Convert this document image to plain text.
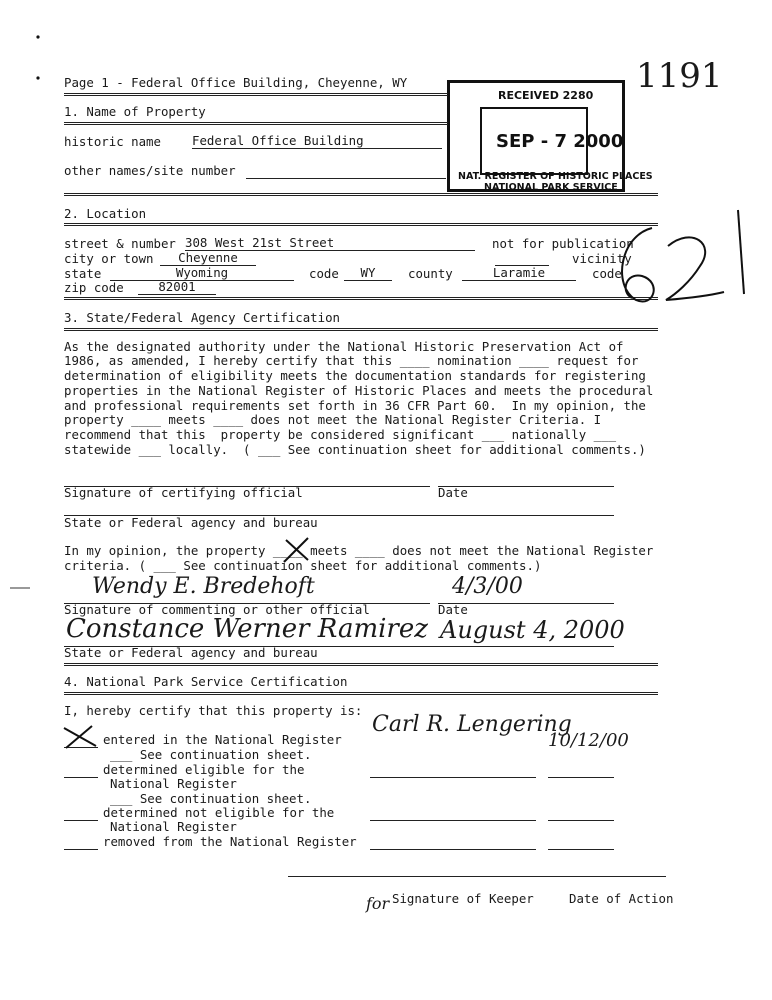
Page 1 - Federal Office Building, Cheyenne, WY	1191
RECEIVED 2280
SEP - 7 2000
NAT. REGISTER OF HISTORIC PLACES
NATIONAL PARK SERVICE
1. Name of Property
historic name	Federal Office Building
other names/site number
2. Location
street & number 308 West 21st Street	not for publication
city or town	Cheyenne	vicinity
state	Wyoming	code	WY	county	Laramie	code
zip code	82001
3. State/Federal Agency Certification
As the designated authority under the National Historic Preservation Act of
1986, as amended, I hereby certify that this ____ nomination ____ request for
determination of eligibility meets the documentation standards for registering
properties in the National Register of Historic Places and meets the procedural
and professional requirements set forth in 36 CFR Part 60.  In my opinion, the
property ____ meets ____ does not meet the National Register Criteria. I
recommend that this  property be considered significant ___ nationally ___
statewide ___ locally.  ( ___ See continuation sheet for additional comments.)
Signature of certifying official	Date
State or Federal agency and bureau
In my opinion, the property ____ meets ____ does not meet the National Register
criteria. ( ___ See continuation sheet for additional comments.)
Wendy E. Bredehoft	4/3/00
Signature of commenting or other official	Date
Constance Werner Ramirez August 4, 2000
State or Federal agency and bureau
4. National Park Service Certification
I, hereby certify that this property is:
entered in the National Register
___ See continuation sheet.
Carl R. Lengering
10/12/00
determined eligible for the
National Register
___ See continuation sheet.
determined not eligible for the
National Register
removed from the National Register
for Signature of Keeper	Date of Action
